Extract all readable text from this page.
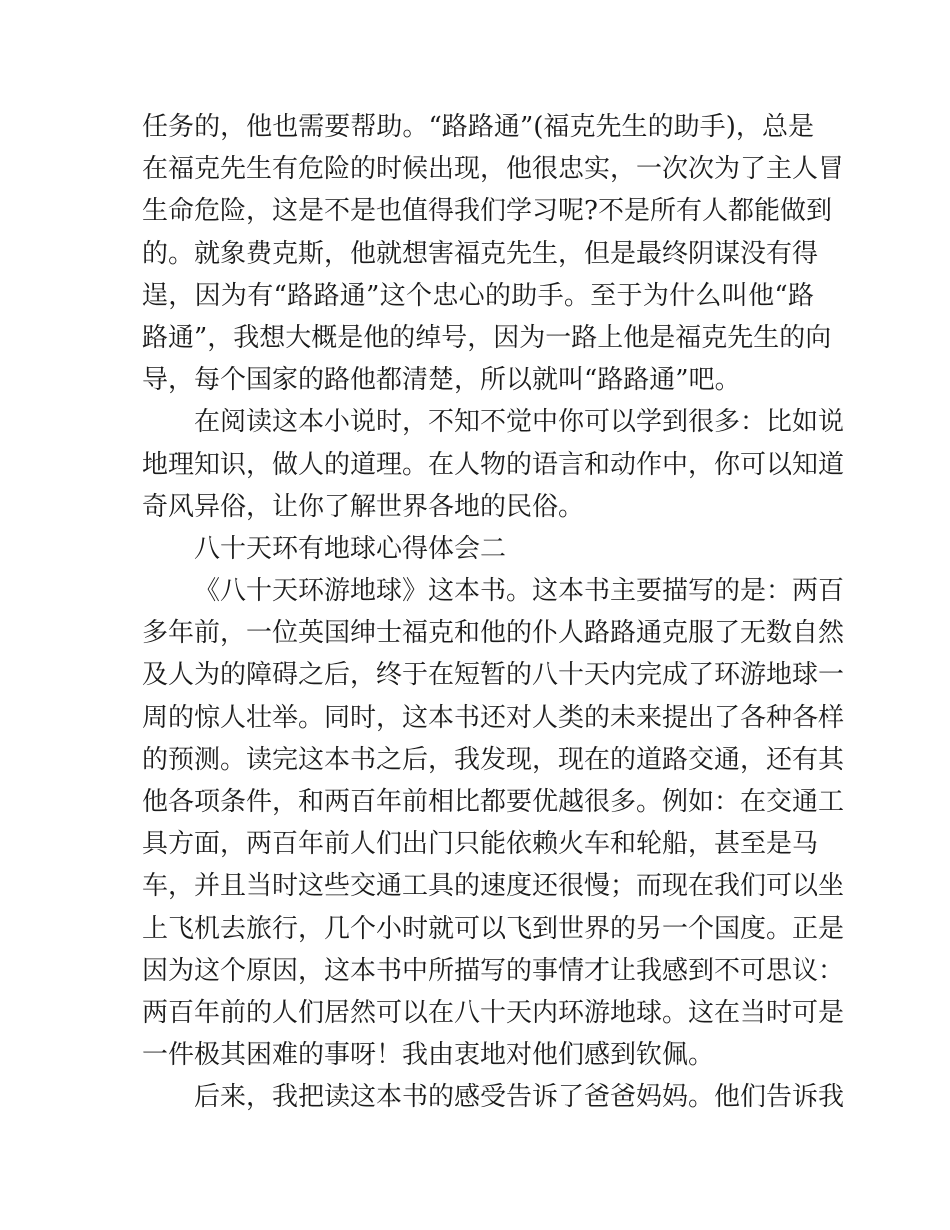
任务的，他也需要帮助。“路路通”(福克先生的助手)，总是
在福克先生有危险的时候出现，他很忠实，一次次为了主人冒
生命危险，这是不是也值得我们学习呢?不是所有人都能做到
的。就象费克斯，他就想害福克先生，但是最终阴谋没有得
逞，因为有“路路通”这个忠心的助手。至于为什么叫他“路
路通”，我想大概是他的绰号，因为一路上他是福克先生的向
导，每个国家的路他都清楚，所以就叫“路路通”吧。
在阅读这本小说时，不知不觉中你可以学到很多：比如说
地理知识，做人的道理。在人物的语言和动作中，你可以知道
奇风异俗，让你了解世界各地的民俗。
八十天环有地球心得体会二
《八十天环游地球》这本书。这本书主要描写的是：两百
多年前，一位英国绅士福克和他的仆人路路通克服了无数自然
及人为的障碍之后，终于在短暂的八十天内完成了环游地球一
周的惊人壮举。同时，这本书还对人类的未来提出了各种各样
的预测。读完这本书之后，我发现，现在的道路交通，还有其
他各项条件，和两百年前相比都要优越很多。例如：在交通工
具方面，两百年前人们出门只能依赖火车和轮船，甚至是马
车，并且当时这些交通工具的速度还很慢；而现在我们可以坐
上飞机去旅行，几个小时就可以飞到世界的另一个国度。正是
因为这个原因，这本书中所描写的事情才让我感到不可思议：
两百年前的人们居然可以在八十天内环游地球。这在当时可是
一件极其困难的事呀！我由衷地对他们感到钦佩。
后来，我把读这本书的感受告诉了爸爸妈妈。他们告诉我
